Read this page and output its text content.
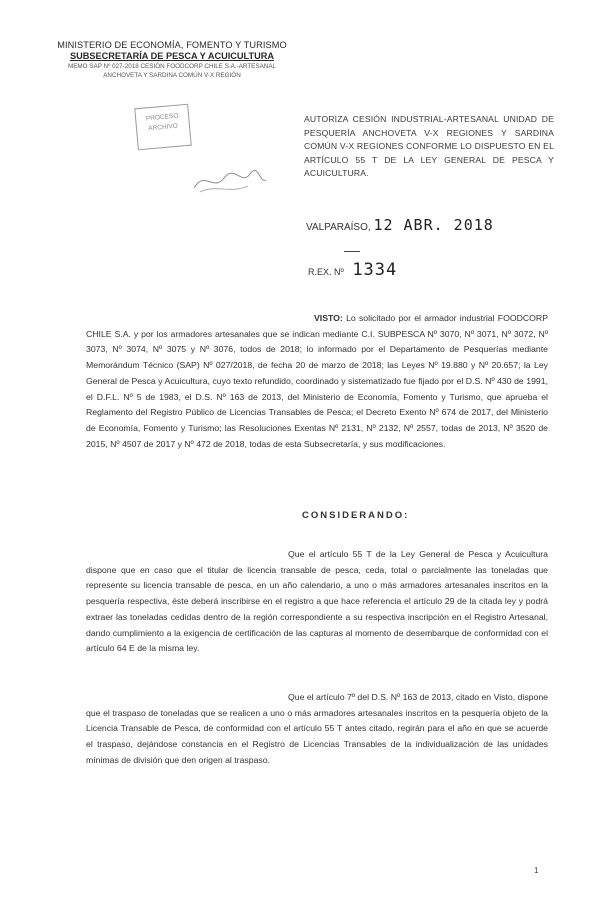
MINISTERIO DE ECONOMÍA, FOMENTO Y TURISMO
SUBSECRETARÍA DE PESCA Y ACUICULTURA
MEMO SAP Nº 027-2018 CESIÓN FOODCORP CHILE S.A.-ARTESANAL
ANCHOVETA Y SARDINA COMÚN V-X REGIÓN
PROCESO
ARCHIVO
AUTORIZA CESIÓN INDUSTRIAL-ARTESANAL UNIDAD DE PESQUERÍA ANCHOVETA V-X REGIONES Y SARDINA COMÚN V-X REGIONES CONFORME LO DISPUESTO EN EL ARTÍCULO 55 T DE LA LEY GENERAL DE PESCA Y ACUICULTURA.
VALPARAÍSO, 12 ABR. 2018
R.EX. Nº 1334
VISTO: Lo solicitado por el armador industrial FOODCORP CHILE S.A. y por los armadores artesanales que se indican mediante C.I. SUBPESCA Nº 3070, Nº 3071, Nº 3072, Nº 3073, Nº 3074, Nº 3075 y Nº 3076, todos de 2018; lo informado por el Departamento de Pesquerías mediante Memorándum Técnico (SAP) Nº 027/2018, de fecha 20 de marzo de 2018; las Leyes Nº 19.880 y Nº 20.657; la Ley General de Pesca y Acuicultura, cuyo texto refundido, coordinado y sistematizado fue fijado por el D.S. Nº 430 de 1991, el D.F.L. Nº 5 de 1983, el D.S. Nº 163 de 2013, del Ministerio de Economía, Fomento y Turismo, que aprueba el Reglamento del Registro Público de Licencias Transables de Pesca; el Decreto Exento Nº 674 de 2017, del Ministerio de Economía, Fomento y Turismo; las Resoluciones Exentas Nº 2131, Nº 2132, Nº 2557, todas de 2013, Nº 3520 de 2015, Nº 4507 de 2017 y Nº 472 de 2018, todas de esta Subsecretaría, y sus modificaciones.
CONSIDERANDO:
Que el artículo 55 T de la Ley General de Pesca y Acuicultura dispone que en caso que el titular de licencia transable de pesca, ceda, total o parcialmente las toneladas que represente su licencia transable de pesca, en un año calendario, a uno o más armadores artesanales inscritos en la pesquería respectiva, éste deberá inscribirse en el registro a que hace referencia el artículo 29 de la citada ley y podrá extraer las toneladas cedidas dentro de la región correspondiente a su respectiva inscripción en el Registro Artesanal, dando cumplimiento a la exigencia de certificación de las capturas al momento de desembarque de conformidad con el artículo 64 E de la misma ley.
Que el artículo 7º del D.S. Nº 163 de 2013, citado en Visto, dispone que el traspaso de toneladas que se realicen a uno o más armadores artesanales inscritos en la pesquería objeto de la Licencia Transable de Pesca, de conformidad con el artículo 55 T antes citado, regirán para el año en que se acuerde el traspaso, dejándose constancia en el Registro de Licencias Transables de la individualización de las unidades mínimas de división que den origen al traspaso.
1
